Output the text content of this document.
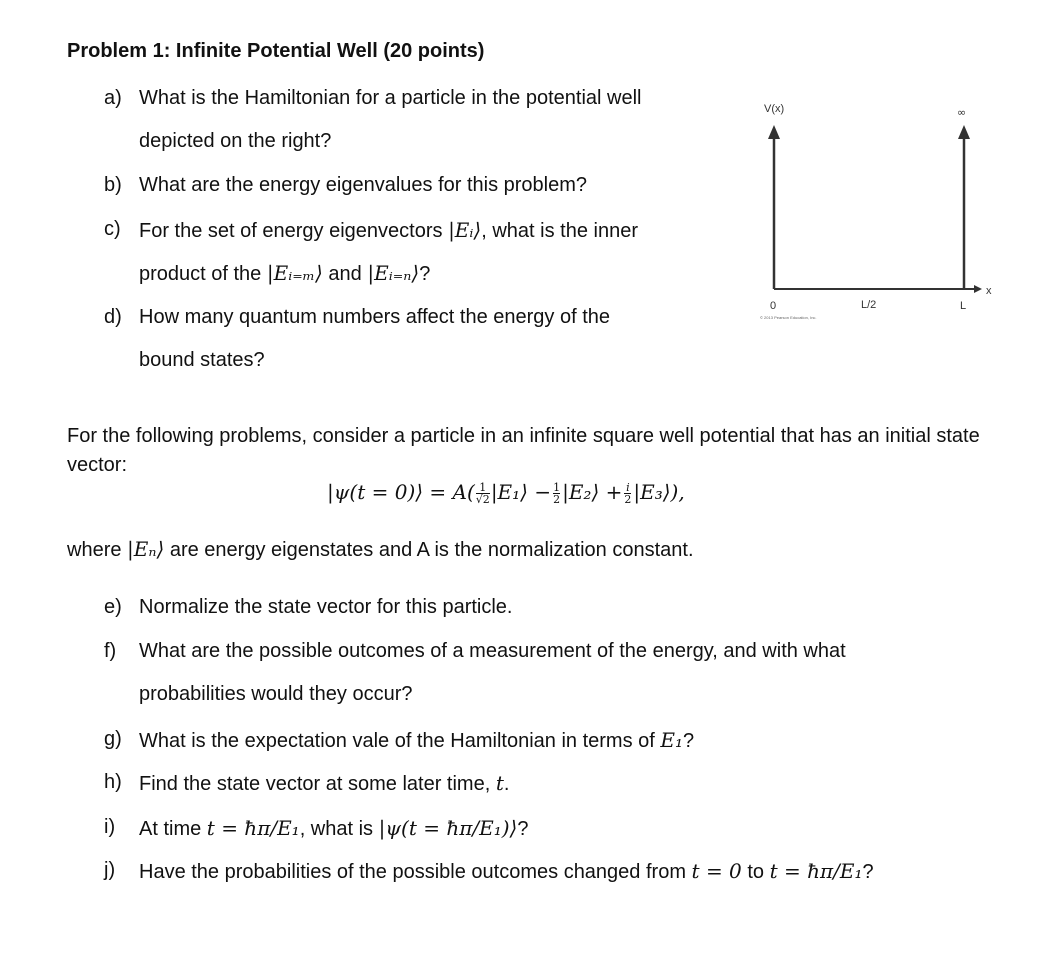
Problem 1: Infinite Potential Well (20 points)
a) What is the Hamiltonian for a particle in the potential well
depicted on the right?
b) What are the energy eigenvalues for this problem?
c) For the set of energy eigenvectors |Eᵢ⟩, what is the inner
product of the |Eᵢ₌ₘ⟩ and |Eᵢ₌ₙ⟩?
d) How many quantum numbers affect the energy of the
bound states?
V(x)	∞
0	L/2	L
x
© 2013 Pearson Education, Inc.
For the following problems, consider a particle in an infinite square well potential that has an initial state vector:
|ψ(t = 0)⟩ = $A( \frac{1}{√2}$ |E₁⟩ − $\frac{1}{2}$ |E₂⟩ + $\frac{i}{2}$ |E₃⟩),
where |Eₙ⟩ are energy eigenstates and A is the normalization constant.
e) Normalize the state vector for this particle.
f) What are the possible outcomes of a measurement of the energy, and with what
probabilities would they occur?
g) What is the expectation vale of the Hamiltonian in terms of E₁?
h) Find the state vector at some later time, t.
i) At time t = ħπ/E₁, what is |ψ(t = ħπ/E₁)⟩?
j) Have the probabilities of the possible outcomes changed from t = 0 to t = ħπ/E₁?
